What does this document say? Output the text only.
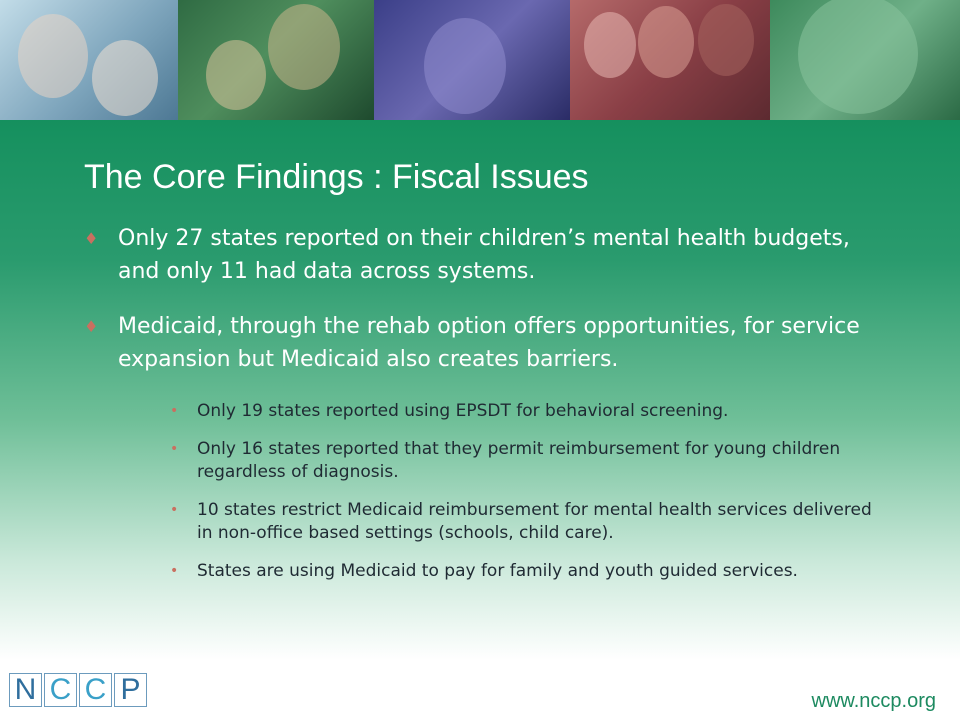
The Core Findings : Fiscal Issues
♦ Only 27 states reported on their children’s mental health budgets, and only 11 had data across systems.
♦ Medicaid, through the rehab option offers opportunities, for service expansion but Medicaid also creates barriers.
• Only 19 states reported using EPSDT for behavioral screening.
• Only 16 states reported that they permit reimbursement for young children regardless of diagnosis.
• 10 states restrict Medicaid reimbursement for mental health services delivered in non-office based settings (schools, child care).
• States are using Medicaid to pay for family and youth guided services.
N C C P	www.nccp.org
